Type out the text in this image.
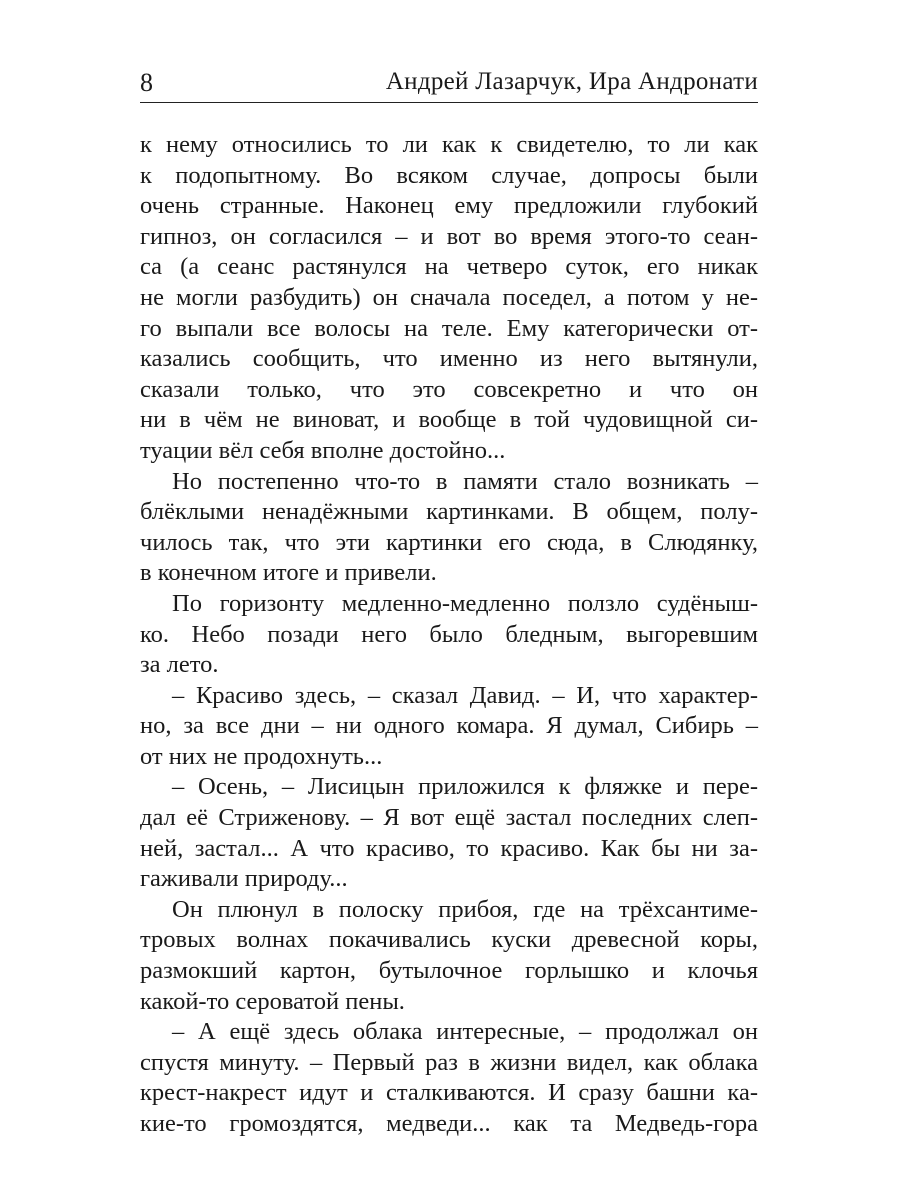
8	Андрей Лазарчук, Ира Андронати
к нему относились то ли как к свидетелю, то ли как
к подопытному. Во всяком случае, допросы были
очень странные. Наконец ему предложили глубокий
гипноз, он согласился – и вот во время этого-то сеан-
са (а сеанс растянулся на четверо суток, его никак
не могли разбудить) он сначала поседел, а потом у не-
го выпали все волосы на теле. Ему категорически от-
казались сообщить, что именно из него вытянули,
сказали только, что это совсекретно и что он
ни в чём не виноват, и вообще в той чудовищной си-
туации вёл себя вполне достойно...
Но постепенно что-то в памяти стало возникать –
блёклыми ненадёжными картинками. В общем, полу-
чилось так, что эти картинки его сюда, в Слюдянку,
в конечном итоге и привели.
По горизонту медленно-медленно ползло судёныш-
ко. Небо позади него было бледным, выгоревшим
за лето.
– Красиво здесь, – сказал Давид. – И, что характер-
но, за все дни – ни одного комара. Я думал, Сибирь –
от них не продохнуть...
– Осень, – Лисицын приложился к фляжке и пере-
дал её Стриженову. – Я вот ещё застал последних слеп-
ней, застал... А что красиво, то красиво. Как бы ни за-
гаживали природу...
Он плюнул в полоску прибоя, где на трёхсантиме-
тровых волнах покачивались куски древесной коры,
размокший картон, бутылочное горлышко и клочья
какой-то сероватой пены.
– А ещё здесь облака интересные, – продолжал он
спустя минуту. – Первый раз в жизни видел, как облака
крест-накрест идут и сталкиваются. И сразу башни ка-
кие-то громоздятся, медведи... как та Медведь-гора
